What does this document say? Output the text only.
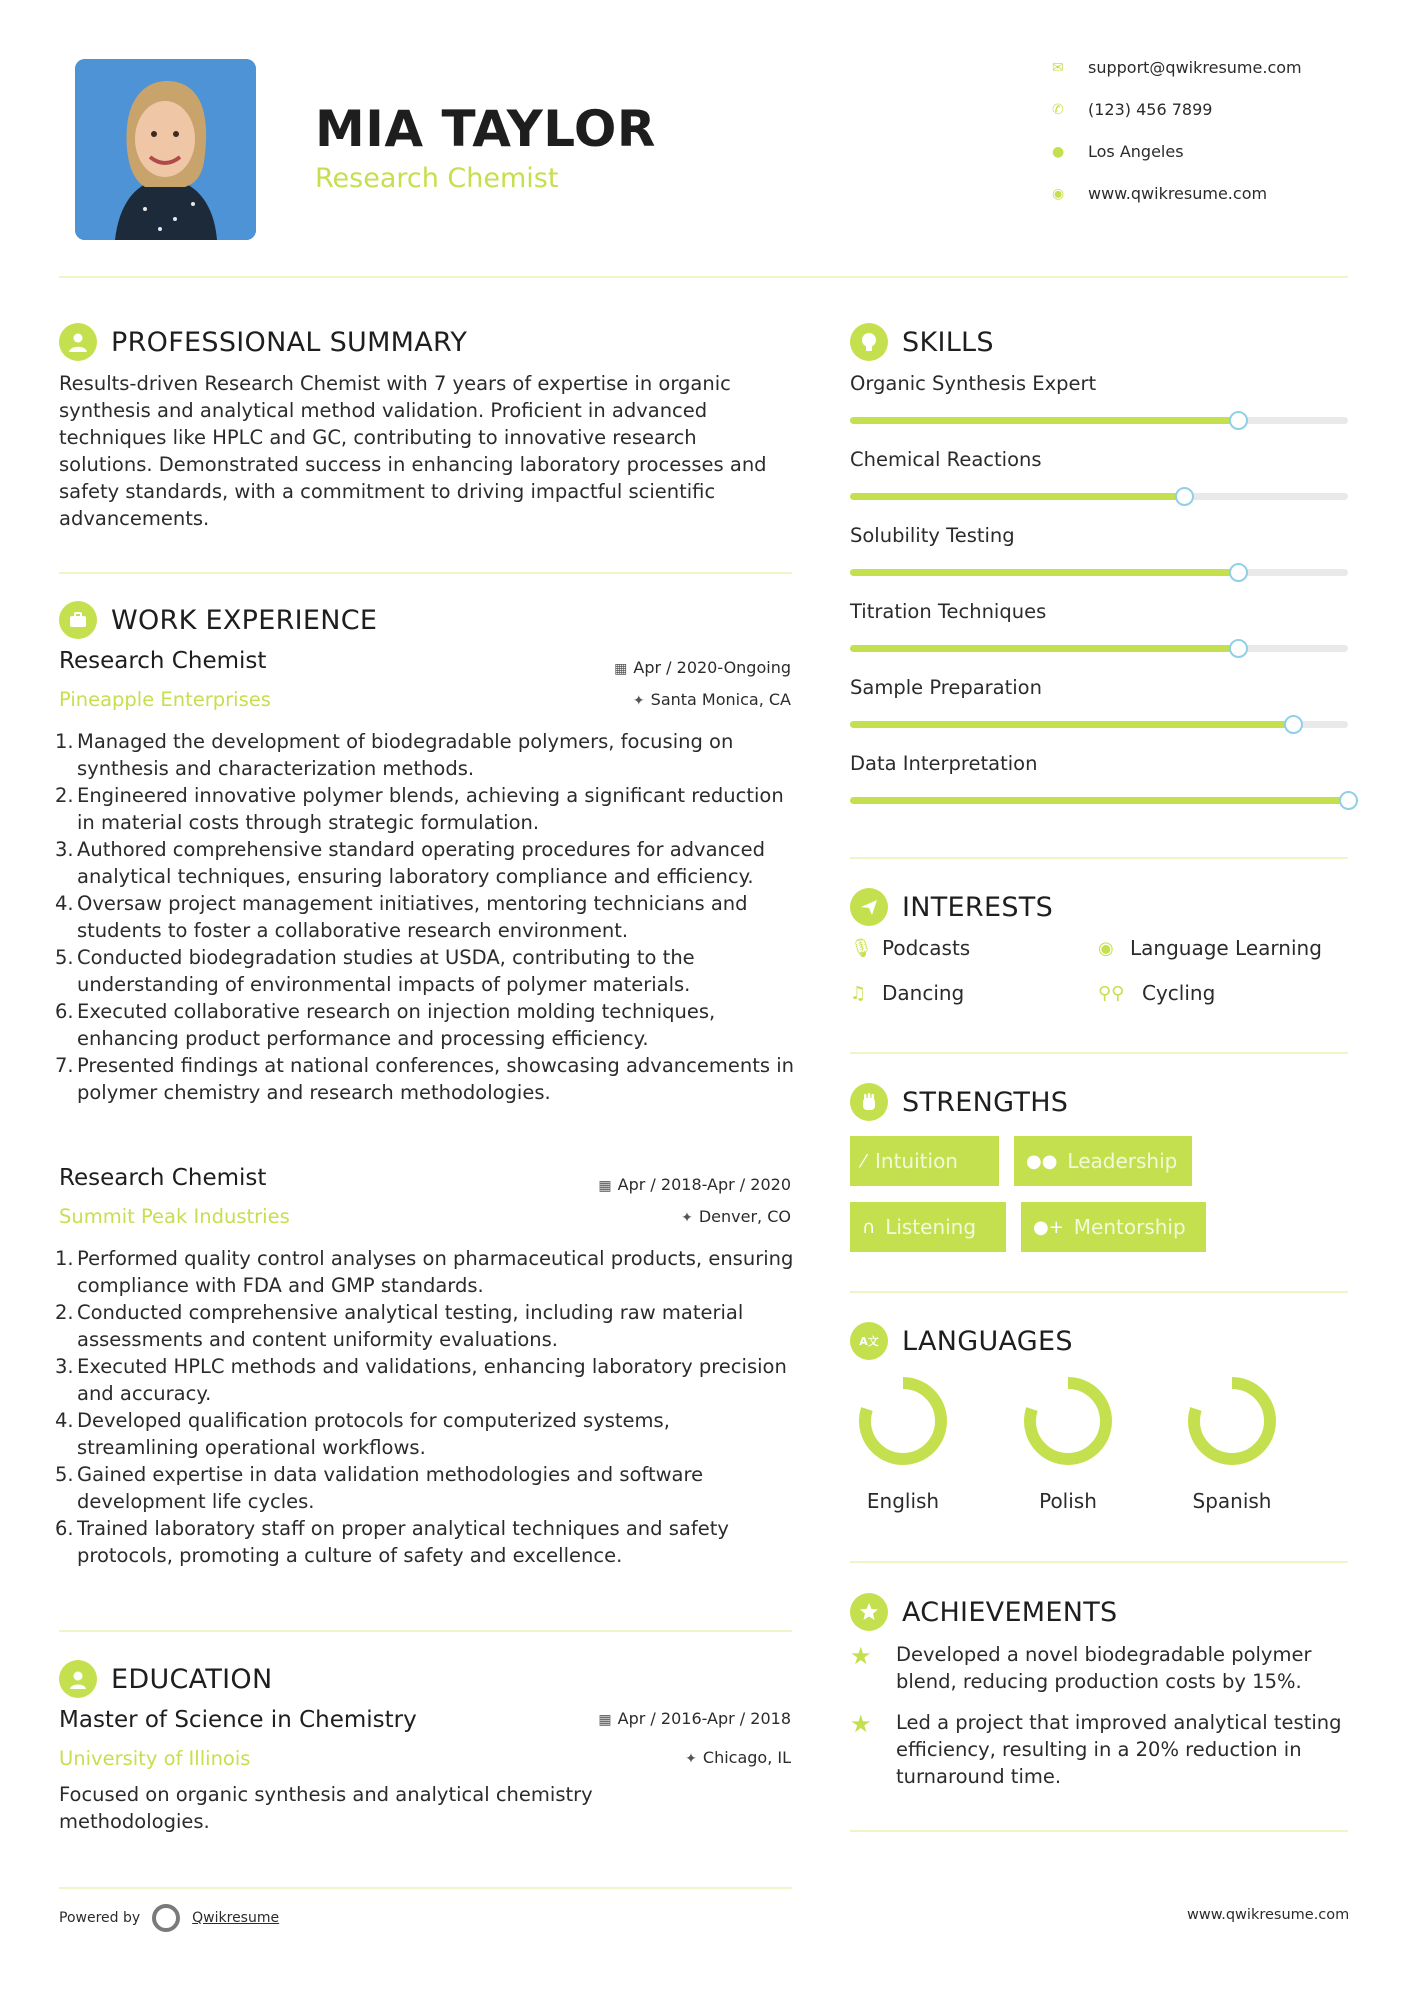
MIA TAYLOR
Research Chemist
✉	support@qwikresume.com
✆	(123) 456 7899
●	Los Angeles
◉	www.qwikresume.com
PROFESSIONAL SUMMARY
Results-driven Research Chemist with 7 years of expertise in organic synthesis and analytical method validation. Proficient in advanced techniques like HPLC and GC, contributing to innovative research solutions. Demonstrated success in enhancing laboratory processes and safety standards, with a commitment to driving impactful scientific advancements.
WORK EXPERIENCE
Research Chemist
Pineapple Enterprises
▦ Apr / 2020-Ongoing
✦ Santa Monica, CA
1. Managed the development of biodegradable polymers, focusing on synthesis and characterization methods.
2. Engineered innovative polymer blends, achieving a significant reduction in material costs through strategic formulation.
3. Authored comprehensive standard operating procedures for advanced analytical techniques, ensuring laboratory compliance and efficiency.
4. Oversaw project management initiatives, mentoring technicians and students to foster a collaborative research environment.
5. Conducted biodegradation studies at USDA, contributing to the understanding of environmental impacts of polymer materials.
6. Executed collaborative research on injection molding techniques, enhancing product performance and processing efficiency.
7. Presented findings at national conferences, showcasing advancements in polymer chemistry and research methodologies.
Research Chemist
Summit Peak Industries
▦ Apr / 2018-Apr / 2020
✦ Denver, CO
1. Performed quality control analyses on pharmaceutical products, ensuring compliance with FDA and GMP standards.
2. Conducted comprehensive analytical testing, including raw material assessments and content uniformity evaluations.
3. Executed HPLC methods and validations, enhancing laboratory precision and accuracy.
4. Developed qualification protocols for computerized systems, streamlining operational workflows.
5. Gained expertise in data validation methodologies and software development life cycles.
6. Trained laboratory staff on proper analytical techniques and safety protocols, promoting a culture of safety and excellence.
EDUCATION
Master of Science in Chemistry
University of Illinois
▦ Apr / 2016-Apr / 2018
✦ Chicago, IL
Focused on organic synthesis and analytical chemistry methodologies.
SKILLS
Organic Synthesis Expert
Chemical Reactions
Solubility Testing
Titration Techniques
Sample Preparation
Data Interpretation
INTERESTS
🎙 Podcasts	◉ Language Learning
♫ Dancing	⚲⚲ Cycling
STRENGTHS
⁄ Intuition	●● Leadership
∩ Listening	●+ Mentorship
A文 LANGUAGES
English	Polish	Spanish
ACHIEVEMENTS
★ Developed a novel biodegradable polymer blend, reducing production costs by 15%.
★ Led a project that improved analytical testing efficiency, resulting in a 20% reduction in turnaround time.
Powered by	Qwikresume	www.qwikresume.com
